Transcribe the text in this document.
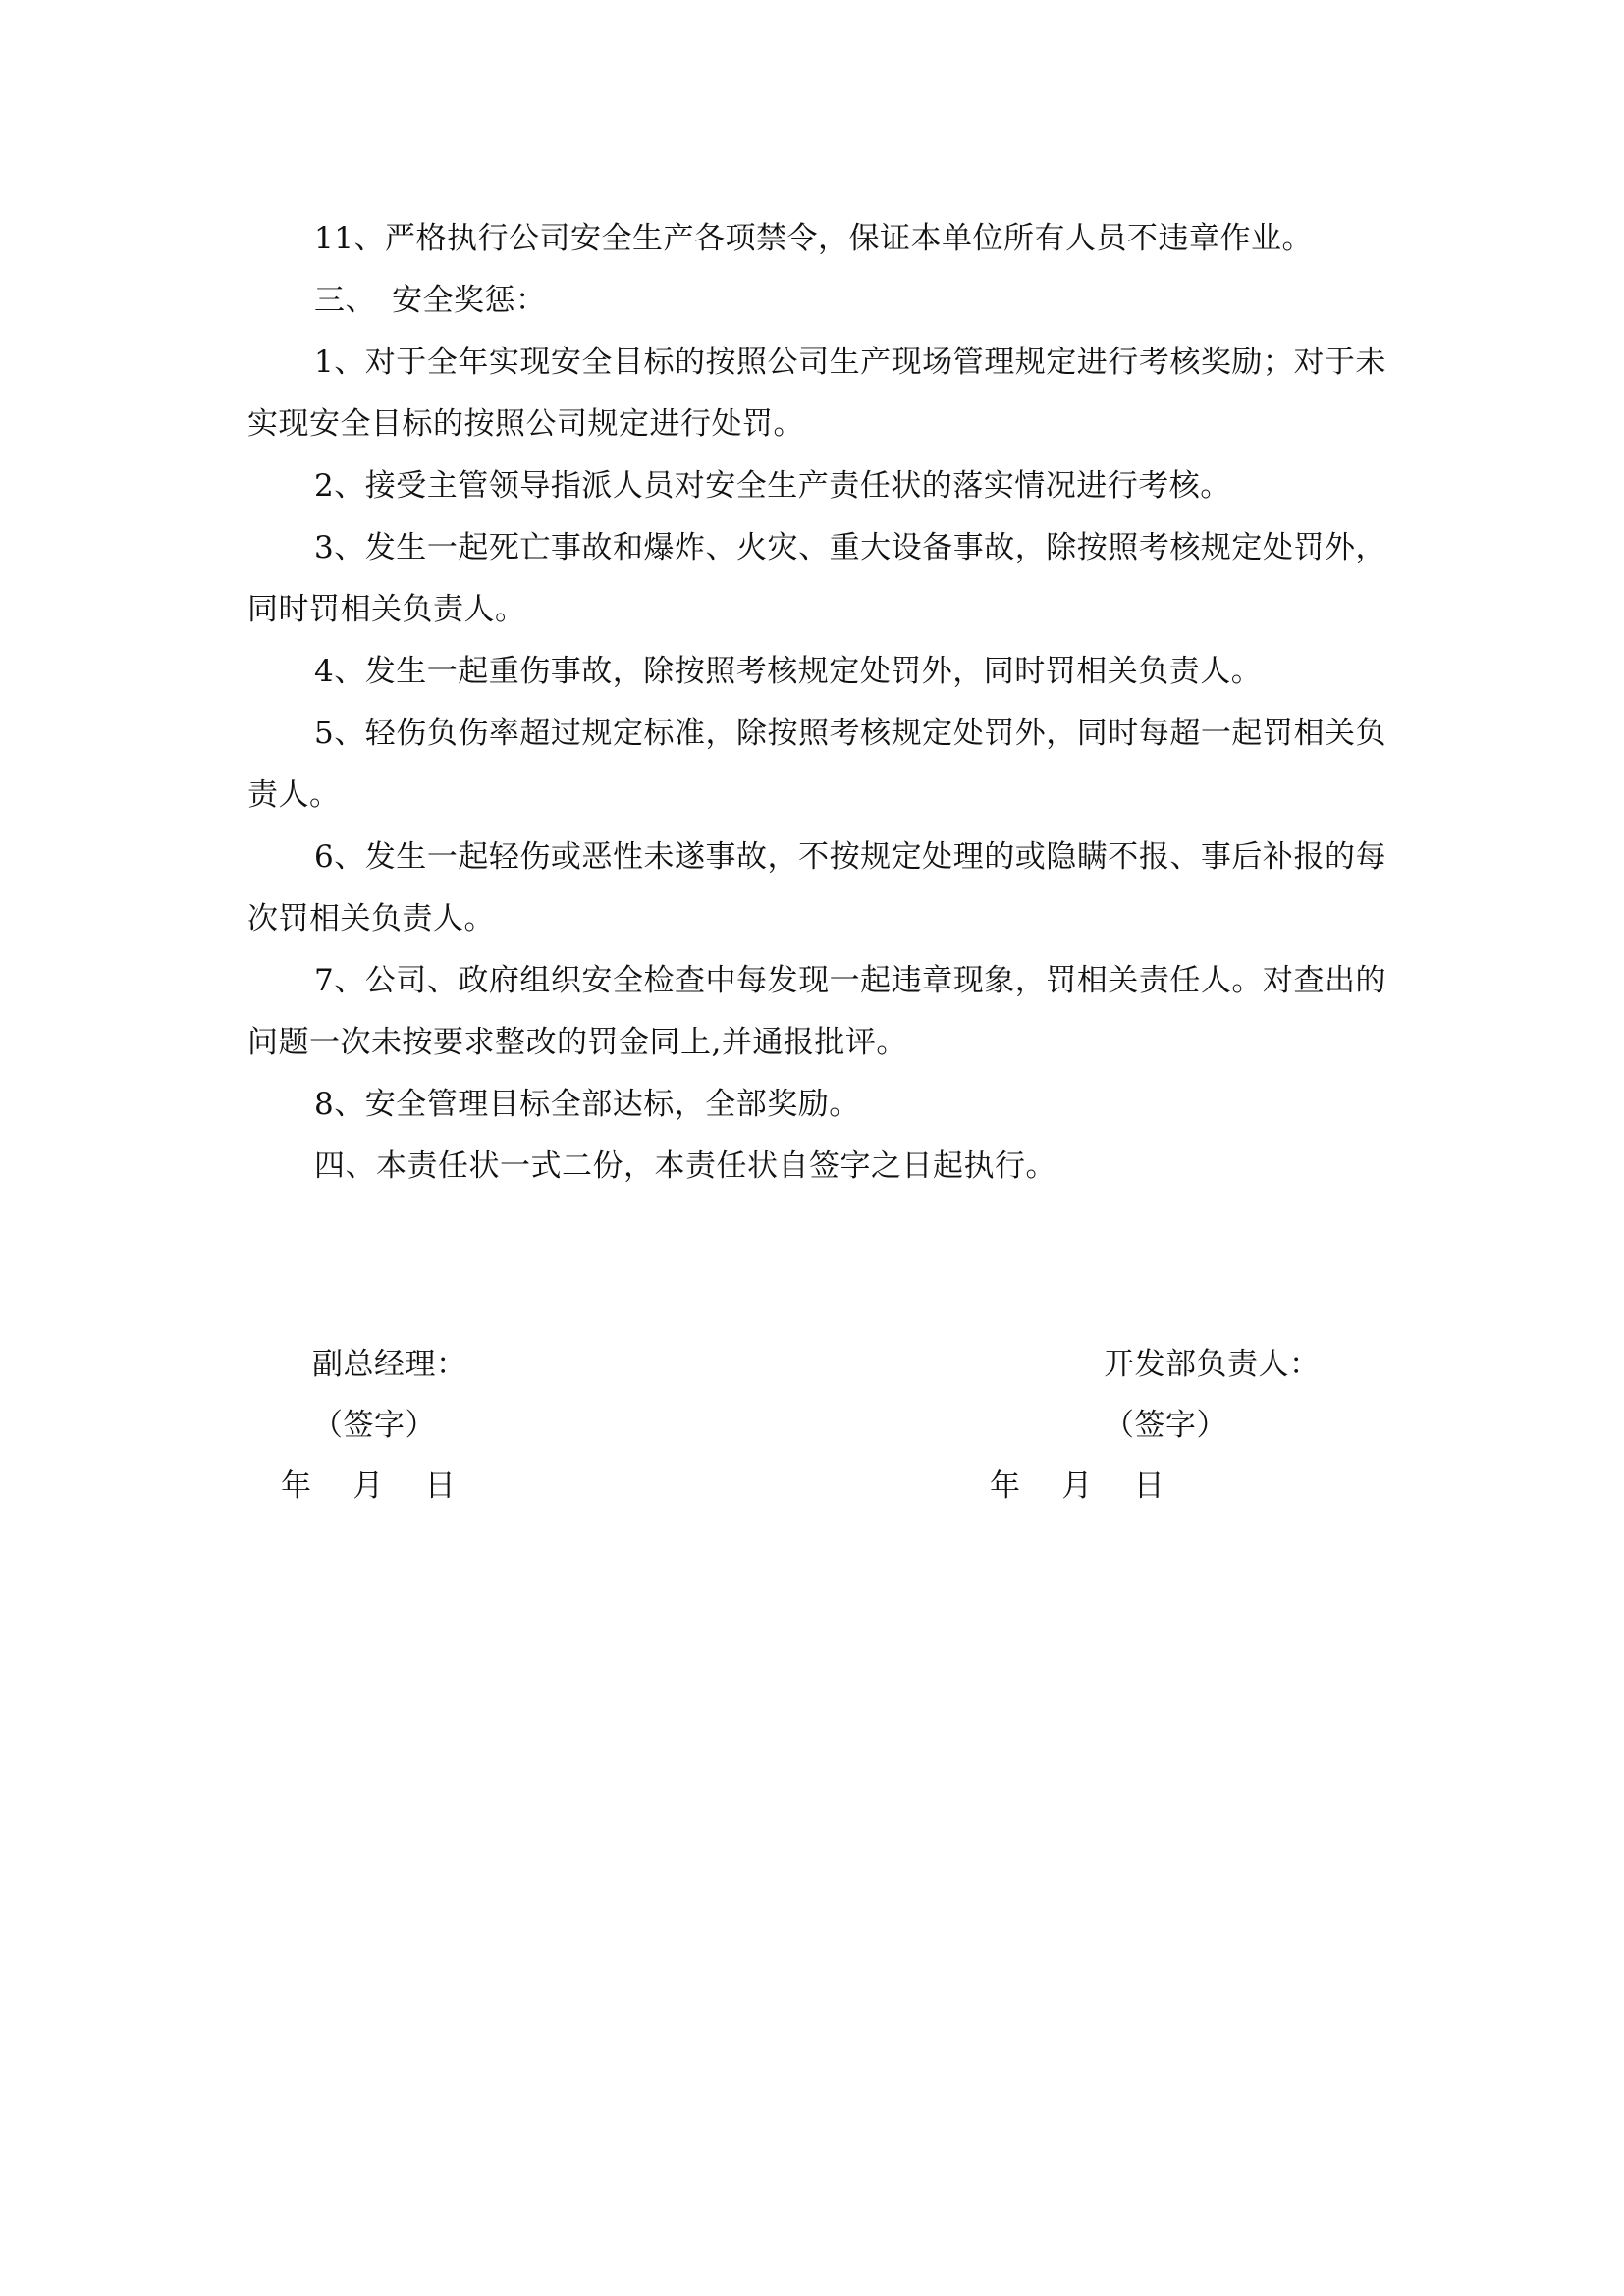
11、严格执行公司安全生产各项禁令，保证本单位所有人员不违章作业。

三、　安全奖惩：

1、对于全年实现安全目标的按照公司生产现场管理规定进行考核奖励；对于未实现安全目标的按照公司规定进行处罚。

2、接受主管领导指派人员对安全生产责任状的落实情况进行考核。

3、发生一起死亡事故和爆炸、火灾、重大设备事故，除按照考核规定处罚外，同时罚相关负责人。

4、发生一起重伤事故，除按照考核规定处罚外，同时罚相关负责人。

5、轻伤负伤率超过规定标准，除按照考核规定处罚外，同时每超一起罚相关负责人。

6、发生一起轻伤或恶性未遂事故，不按规定处理的或隐瞒不报、事后补报的每次罚相关负责人。

7、公司、政府组织安全检查中每发现一起违章现象，罚相关责任人。对查出的问题一次未按要求整改的罚金同上,并通报批评。

8、安全管理目标全部达标，全部奖励。

四、本责任状一式二份，本责任状自签字之日起执行。

副总经理：
（签字）
年　 月　 日
开发部负责人：
（签字）
年　 月　 日
